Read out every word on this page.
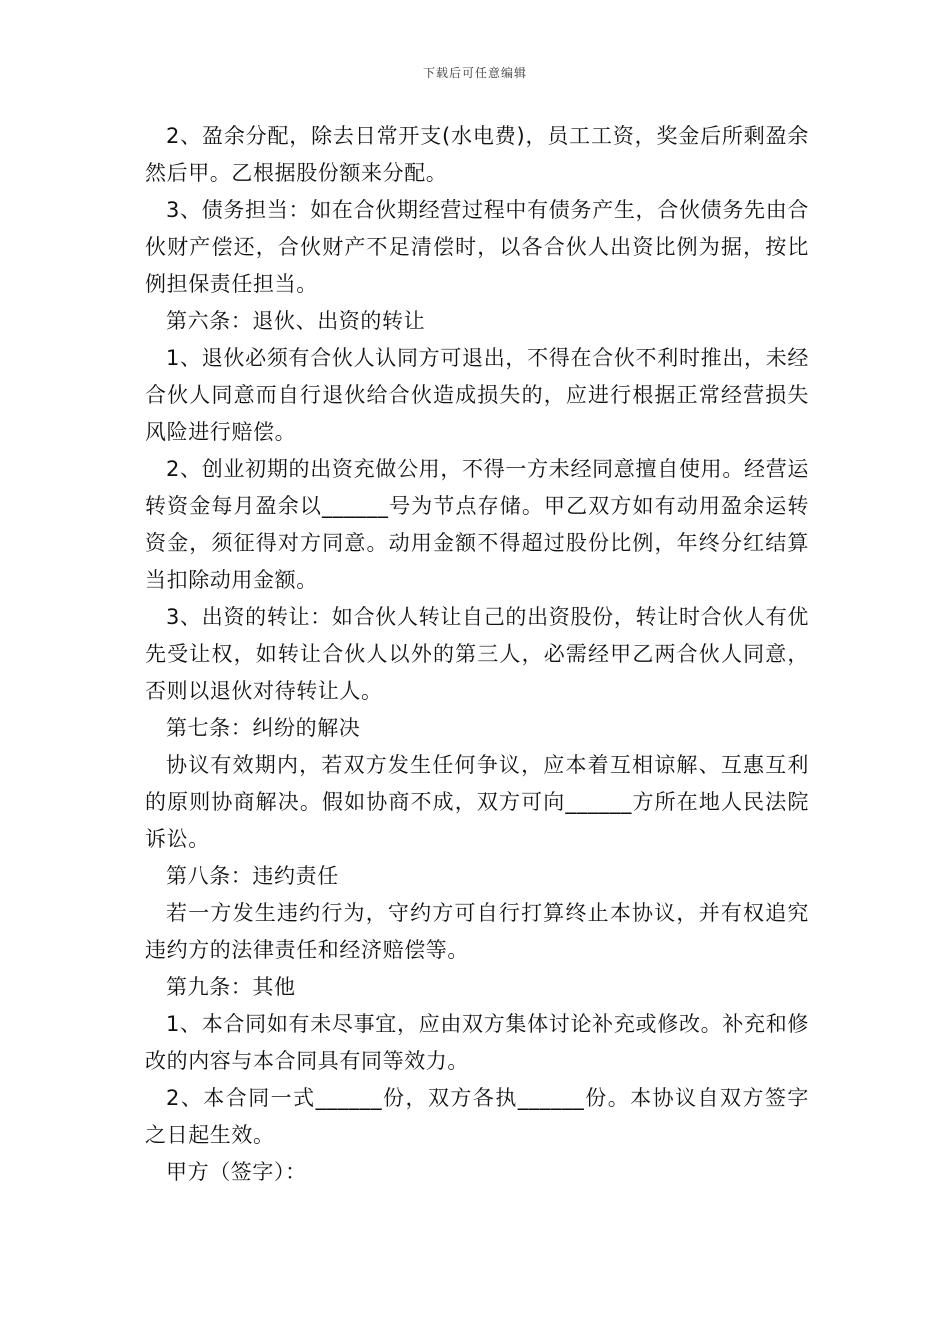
下载后可任意编辑

2、盈余分配，除去日常开支(水电费)，员工工资，奖金后所剩盈余然后甲。乙根据股份额来分配。

3、债务担当：如在合伙期经营过程中有债务产生，合伙债务先由合伙财产偿还，合伙财产不足清偿时，以各合伙人出资比例为据，按比例担保责任担当。

第六条：退伙、出资的转让

1、退伙必须有合伙人认同方可退出，不得在合伙不利时推出，未经合伙人同意而自行退伙给合伙造成损失的，应进行根据正常经营损失风险进行赔偿。

2、创业初期的出资充做公用，不得一方未经同意擅自使用。经营运转资金每月盈余以______号为节点存储。甲乙双方如有动用盈余运转资金，须征得对方同意。动用金额不得超过股份比例，年终分红结算当扣除动用金额。

3、出资的转让：如合伙人转让自己的出资股份，转让时合伙人有优先受让权，如转让合伙人以外的第三人，必需经甲乙两合伙人同意，否则以退伙对待转让人。

第七条：纠纷的解决

协议有效期内，若双方发生任何争议，应本着互相谅解、互惠互利的原则协商解决。假如协商不成，双方可向______方所在地人民法院诉讼。

第八条：违约责任

若一方发生违约行为，守约方可自行打算终止本协议，并有权追究违约方的法律责任和经济赔偿等。

第九条：其他

1、本合同如有未尽事宜，应由双方集体讨论补充或修改。补充和修改的内容与本合同具有同等效力。

2、本合同一式______份，双方各执______份。本协议自双方签字之日起生效。

甲方（签字）：
